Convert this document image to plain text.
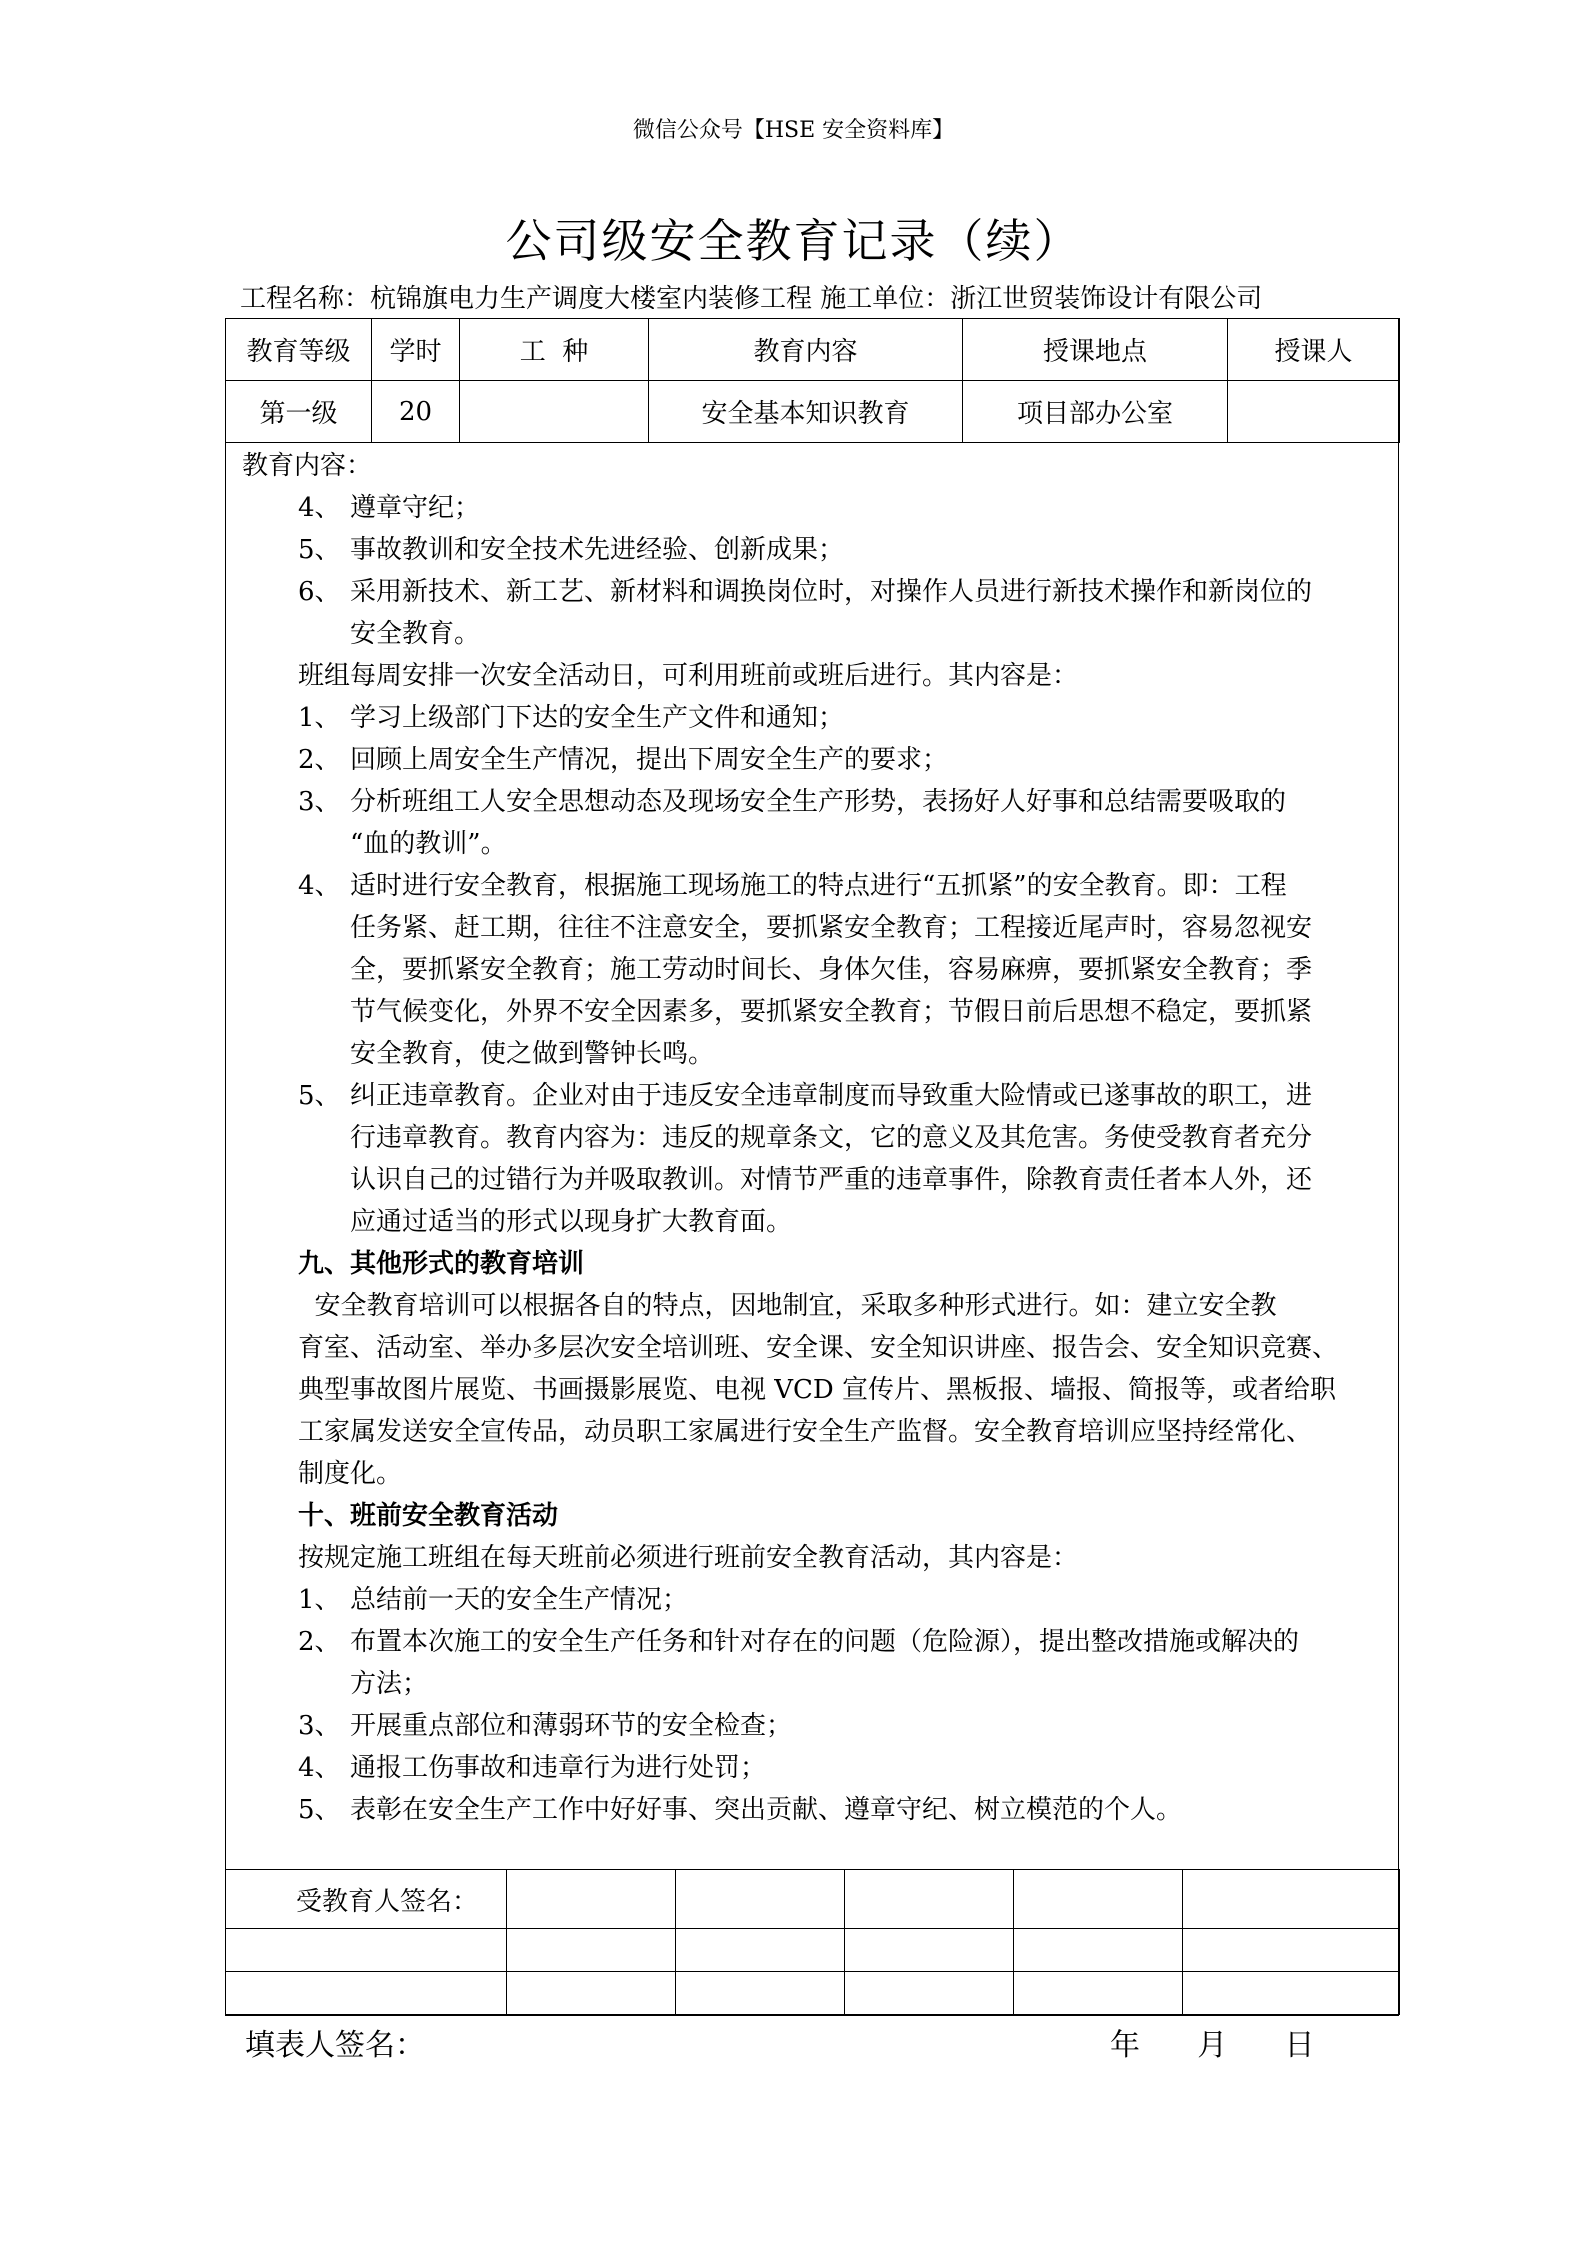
微信公众号【HSE 安全资料库】
公司级安全教育记录（续）
工程名称：杭锦旗电力生产调度大楼室内装修工程 施工单位：浙江世贸装饰设计有限公司
教育等级	学时	工  种	教育内容	授课地点	授课人
第一级	20		安全基本知识教育	项目部办公室	
教育内容：
4、 遵章守纪；
5、 事故教训和安全技术先进经验、创新成果；
6、 采用新技术、新工艺、新材料和调换岗位时，对操作人员进行新技术操作和新岗位的
安全教育。
班组每周安排一次安全活动日，可利用班前或班后进行。其内容是：
1、 学习上级部门下达的安全生产文件和通知；
2、 回顾上周安全生产情况，提出下周安全生产的要求；
3、 分析班组工人安全思想动态及现场安全生产形势，表扬好人好事和总结需要吸取的
“血的教训”。
4、 适时进行安全教育，根据施工现场施工的特点进行“五抓紧”的安全教育。即：工程
任务紧、赶工期，往往不注意安全，要抓紧安全教育；工程接近尾声时，容易忽视安
全，要抓紧安全教育；施工劳动时间长、身体欠佳，容易麻痹，要抓紧安全教育；季
节气候变化，外界不安全因素多，要抓紧安全教育；节假日前后思想不稳定，要抓紧
安全教育，使之做到警钟长鸣。
5、 纠正违章教育。企业对由于违反安全违章制度而导致重大险情或已遂事故的职工，进
行违章教育。教育内容为：违反的规章条文，它的意义及其危害。务使受教育者充分
认识自己的过错行为并吸取教训。对情节严重的违章事件，除教育责任者本人外，还
应通过适当的形式以现身扩大教育面。
九、其他形式的教育培训
安全教育培训可以根据各自的特点，因地制宜，采取多种形式进行。如：建立安全教
育室、活动室、举办多层次安全培训班、安全课、安全知识讲座、报告会、安全知识竞赛、
典型事故图片展览、书画摄影展览、电视 VCD 宣传片、黑板报、墙报、简报等，或者给职
工家属发送安全宣传品，动员职工家属进行安全生产监督。安全教育培训应坚持经常化、
制度化。
十、班前安全教育活动
按规定施工班组在每天班前必须进行班前安全教育活动，其内容是：
1、 总结前一天的安全生产情况；
2、 布置本次施工的安全生产任务和针对存在的问题（危险源），提出整改措施或解决的
方法；
3、 开展重点部位和薄弱环节的安全检查；
4、 通报工伤事故和违章行为进行处罚；
5、 表彰在安全生产工作中好好事、突出贡献、遵章守纪、树立模范的个人。
受教育人签名：					

填表人签名：	年 月 日
